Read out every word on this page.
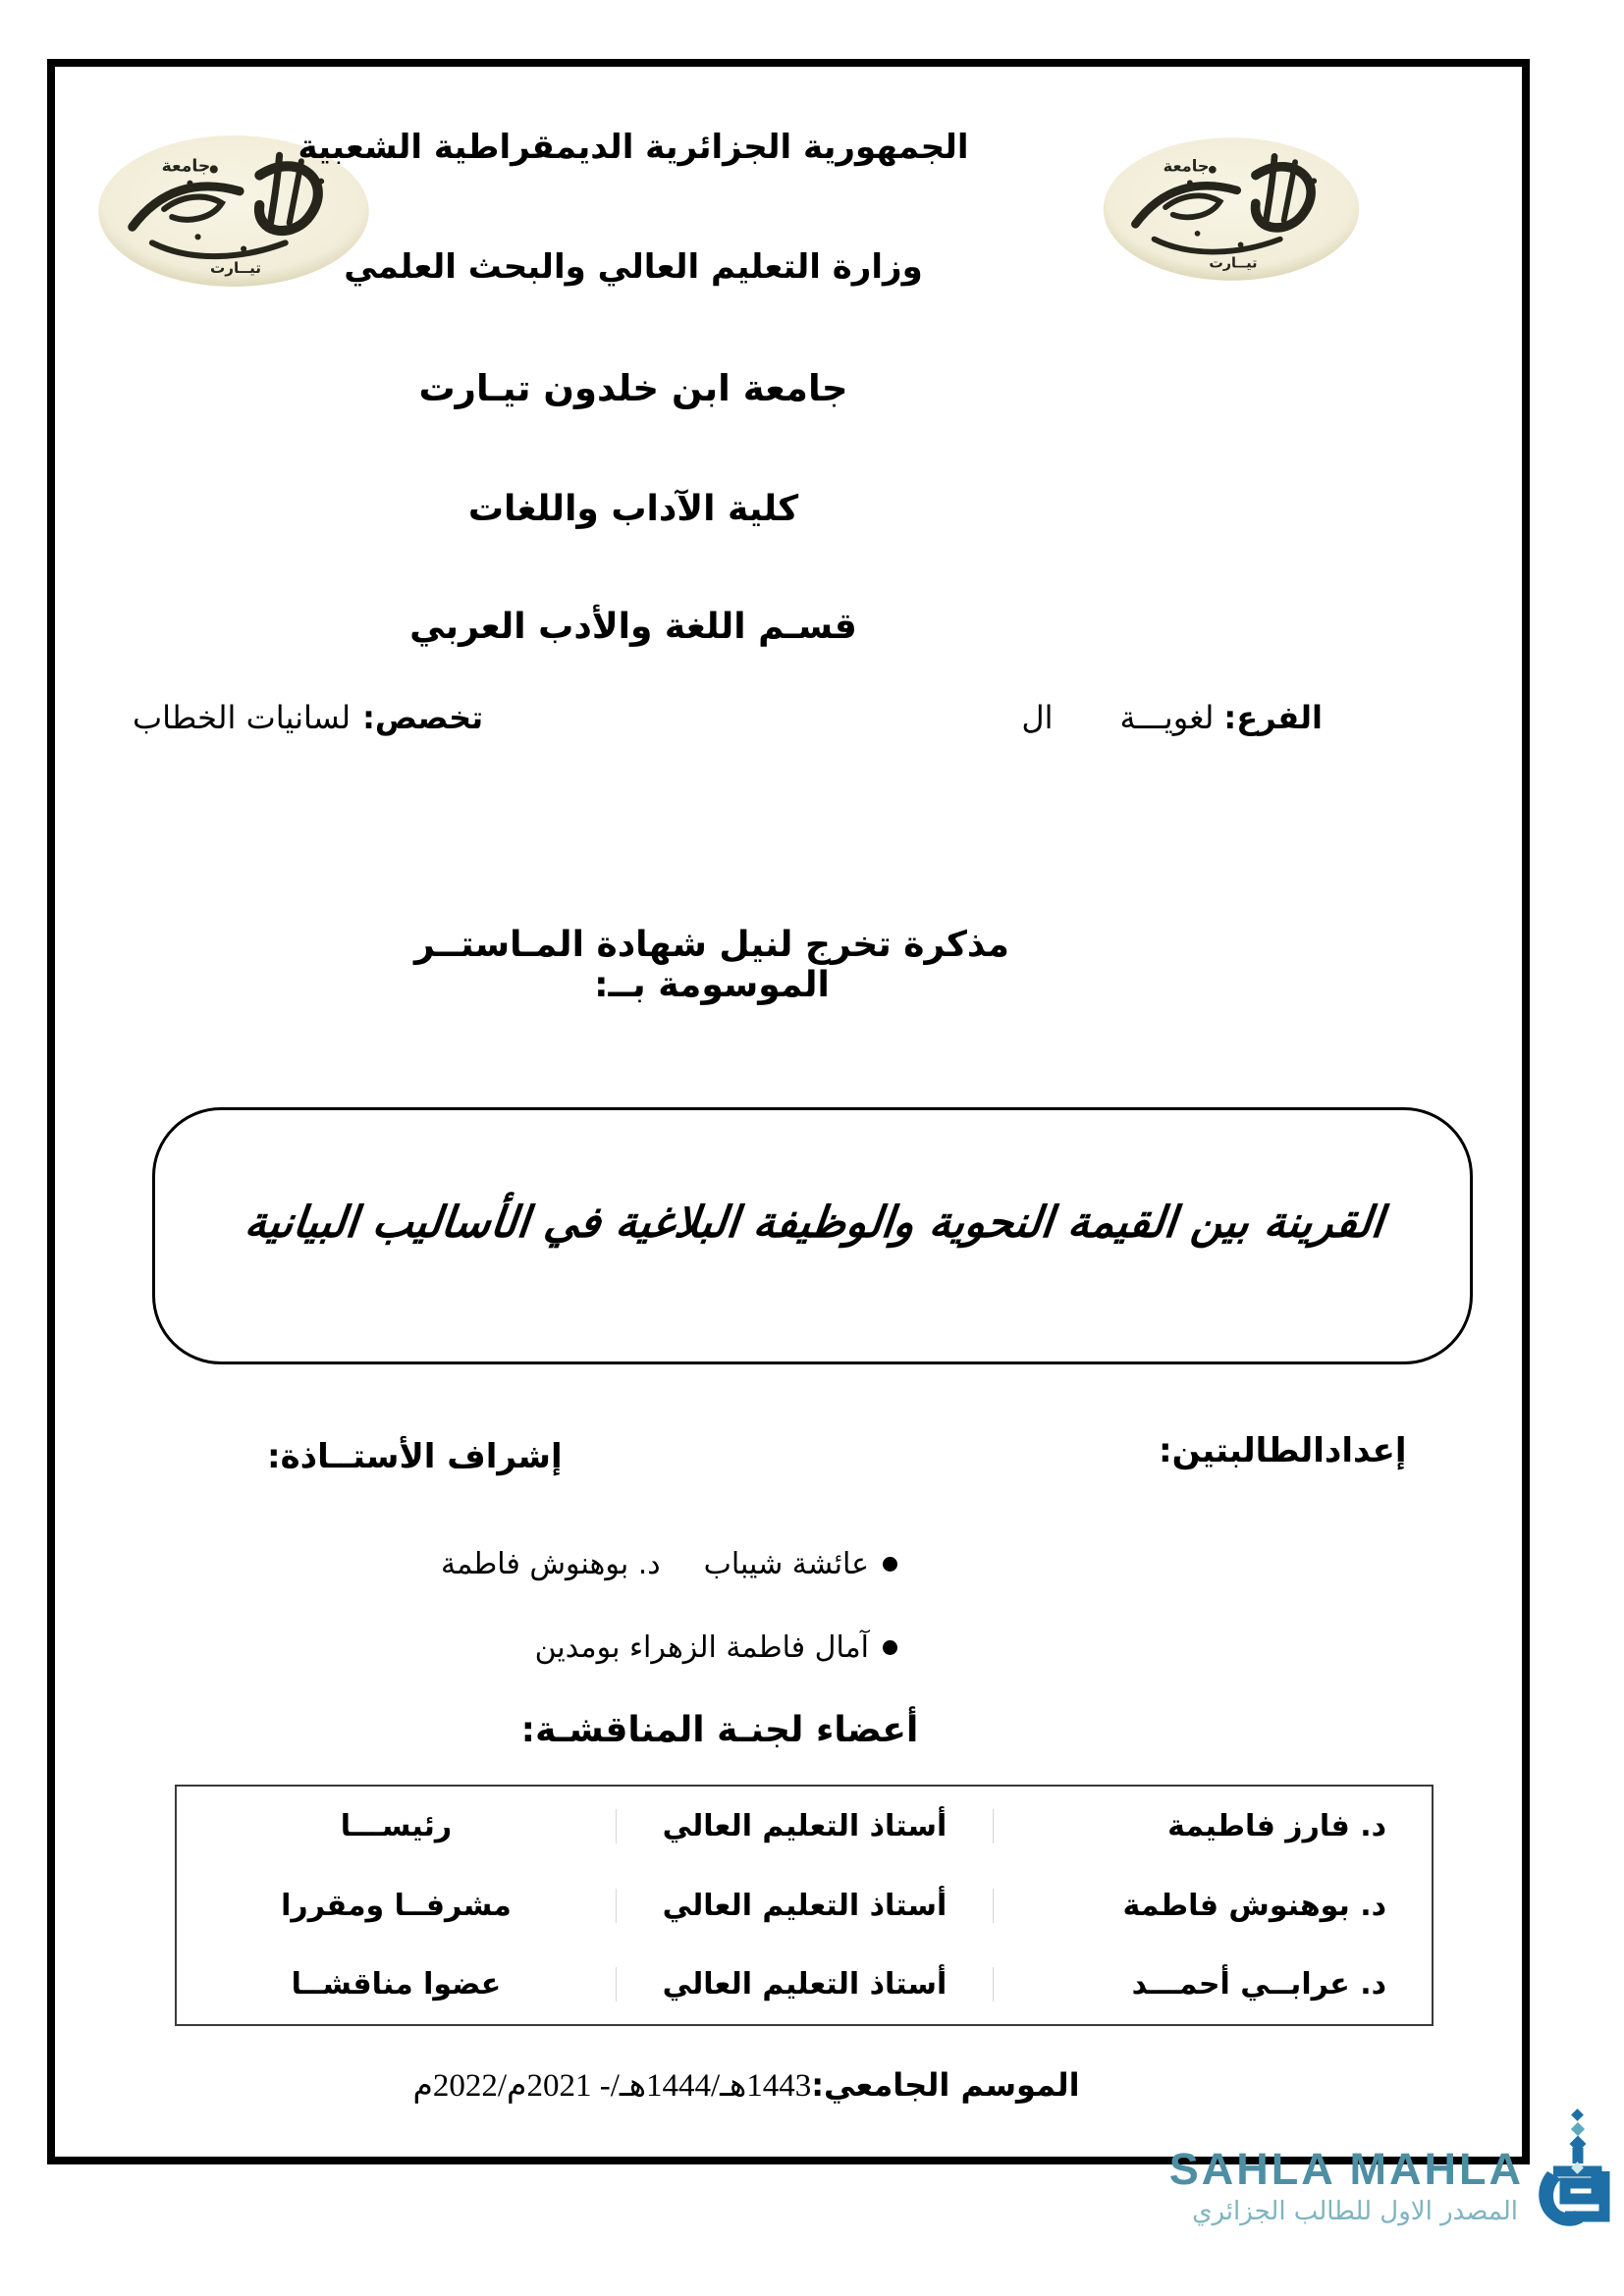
جامعة
تيــارت
جامعة
تيــارت
الجمهورية الجزائرية الديمقراطية الشعبية
وزارة التعليم العالي والبحث العلمي
جامعة ابن خلدون تيـارت
كلية الآداب واللغات
قسـم اللغة والأدب العربي
الفرع:
لغويـــة
ال
تخصص:
لسانيات الخطاب
مذكرة تخرج لنيل شهادة المـاستــر الموسومة بــ:
القرينة بين القيمة النحوية والوظيفة البلاغية في الأساليب البيانية
إعدادالطالبتين:
إشراف الأستــاذة:
عائشة شيباب
د. بوهنوش فاطمة
آمال فاطمة الزهراء بومدين
أعضاء لجنـة المناقشـة:
د. فارز فاطيمة
أستاذ التعليم العالي
رئيســـا
د. بوهنوش فاطمة
أستاذ التعليم العالي
مشرفــا ومقررا
د. عرابــي أحمـــد
أستاذ التعليم العالي
عضوا مناقشــا
الموسم الجامعي:1443هـ/1444هـ/- 2021م/2022م
SAHLA MAHLA
المصدر الاول للطالب الجزائري
